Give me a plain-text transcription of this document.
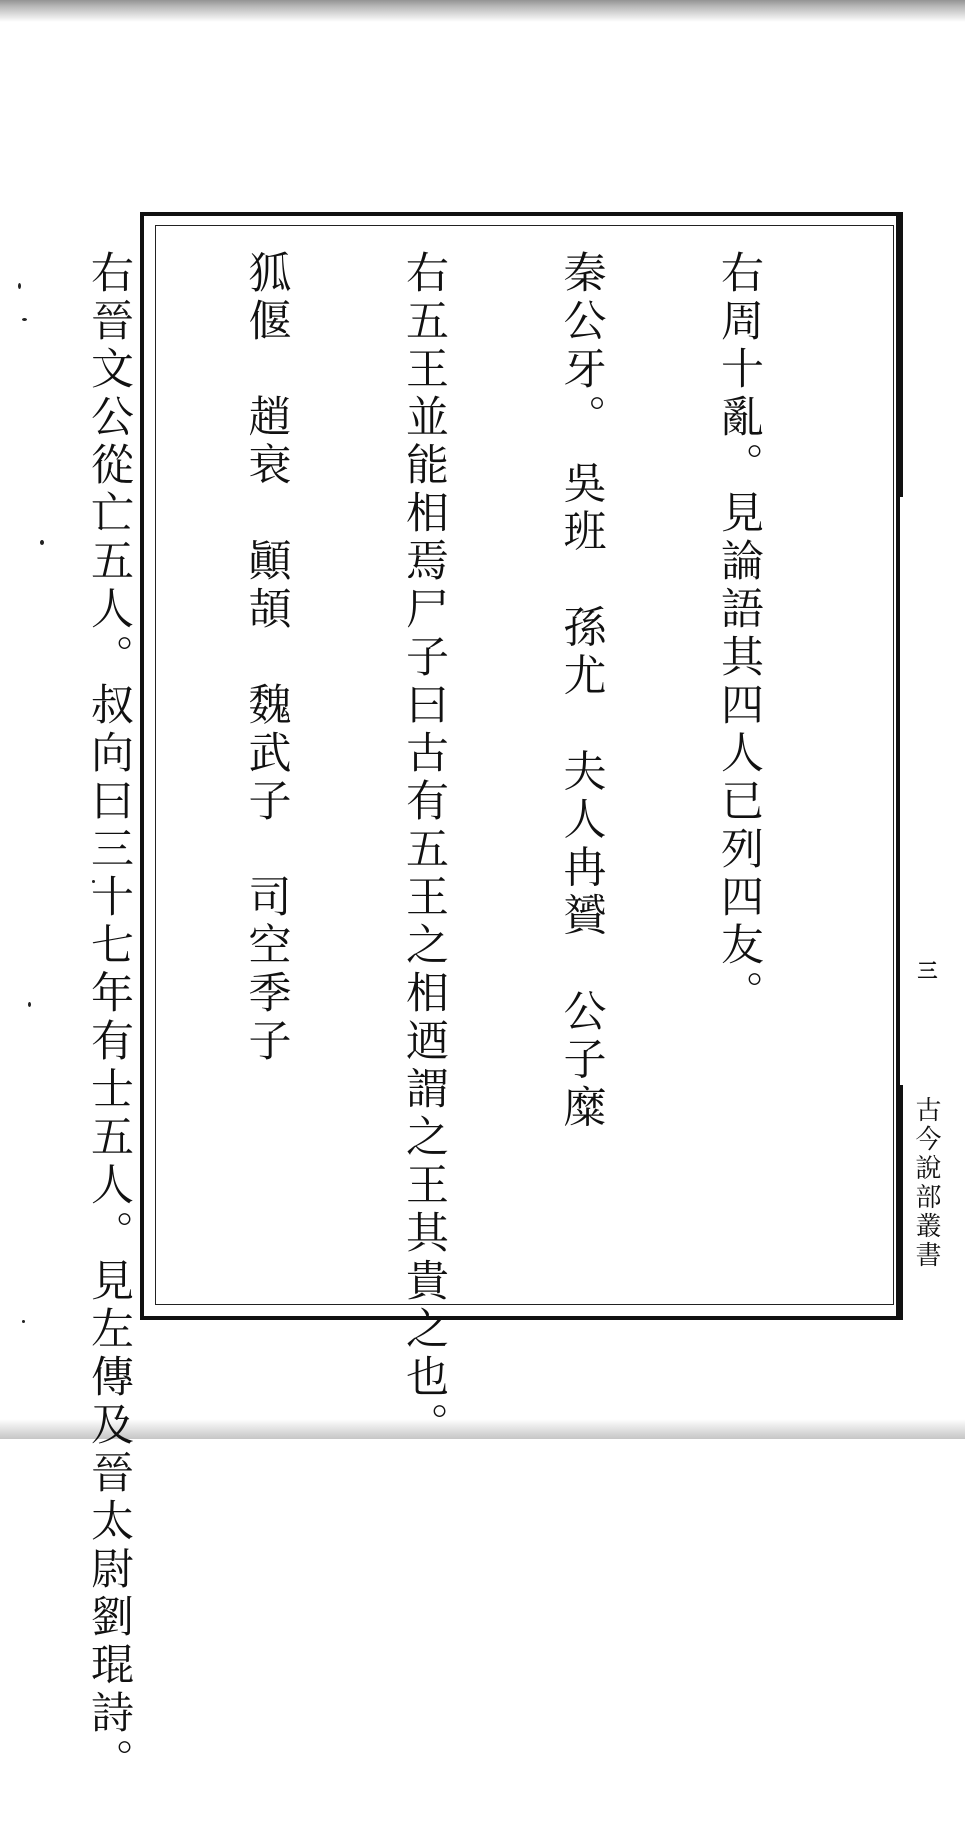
右周十亂。見論語其四人已列四友。

秦公牙。 吳班　孫尤　夫人冉贇　公子糜

右五王並能相焉尸子曰古有五王之相迺謂之王其貴之也。

狐偃　趙衰　顚頡　魏武子　司空季子

右晉文公從亡五人。叔向曰三十七年有士五人。見左傳及晉太尉劉琨詩。

	三
古今說部叢書
